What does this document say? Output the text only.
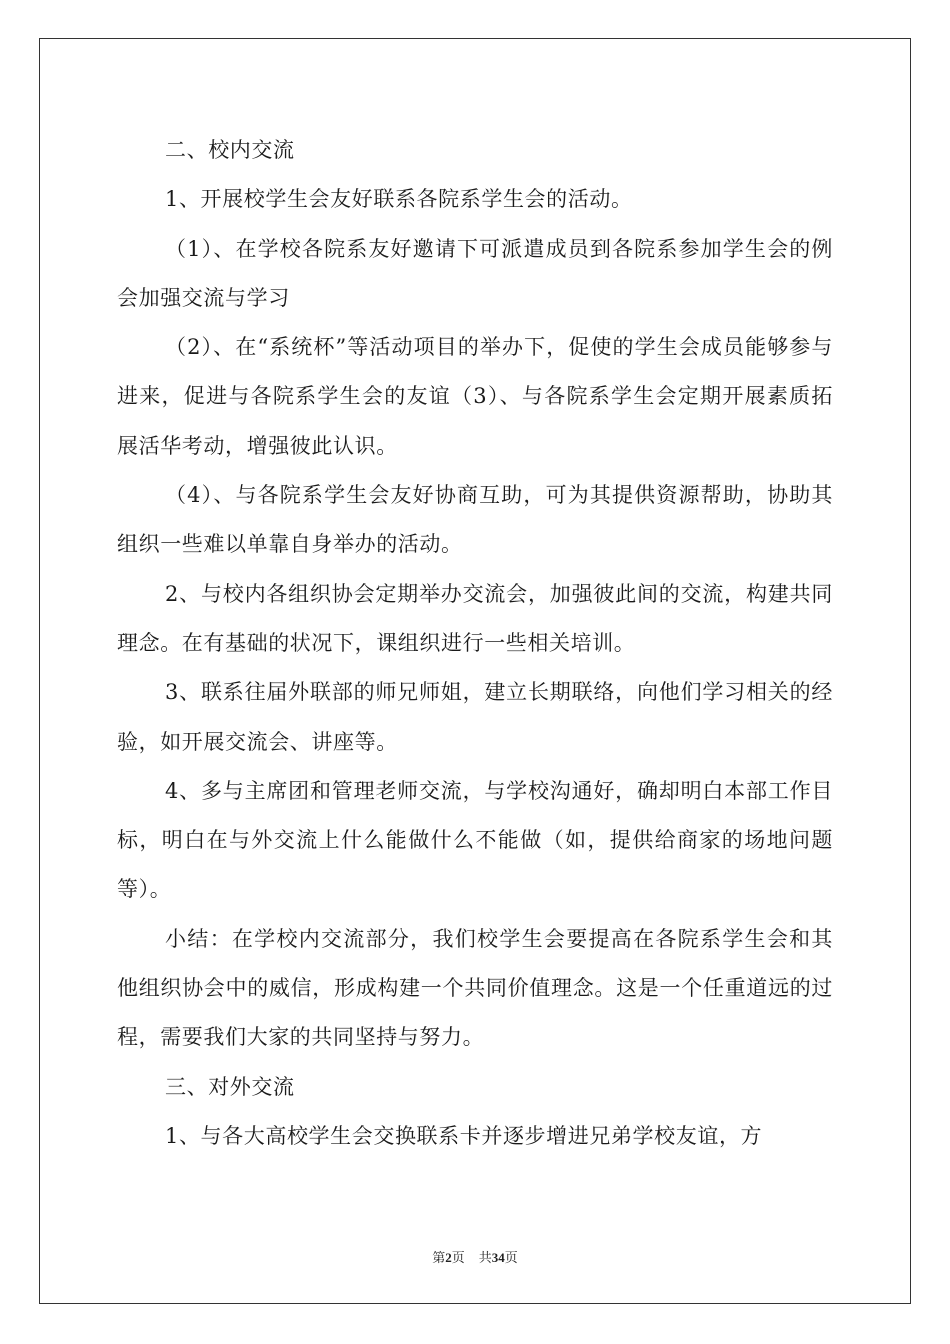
二、校内交流

1、开展校学生会友好联系各院系学生会的活动。

（1）、在学校各院系友好邀请下可派遣成员到各院系参加学生会的例会加强交流与学习

（2）、在“系统杯”等活动项目的举办下，促使的学生会成员能够参与进来，促进与各院系学生会的友谊（3）、与各院系学生会定期开展素质拓展活华考动，增强彼此认识。

（4）、与各院系学生会友好协商互助，可为其提供资源帮助，协助其组织一些难以单靠自身举办的活动。

2、与校内各组织协会定期举办交流会，加强彼此间的交流，构建共同理念。在有基础的状况下，课组织进行一些相关培训。

3、联系往届外联部的师兄师姐，建立长期联络，向他们学习相关的经验，如开展交流会、讲座等。

4、多与主席团和管理老师交流，与学校沟通好，确却明白本部工作目标，明白在与外交流上什么能做什么不能做（如，提供给商家的场地问题等）。

小结：在学校内交流部分，我们校学生会要提高在各院系学生会和其他组织协会中的威信，形成构建一个共同价值理念。这是一个任重道远的过程，需要我们大家的共同坚持与努力。

三、对外交流

1、与各大高校学生会交换联系卡并逐步增进兄弟学校友谊，方

第2页 共34页
